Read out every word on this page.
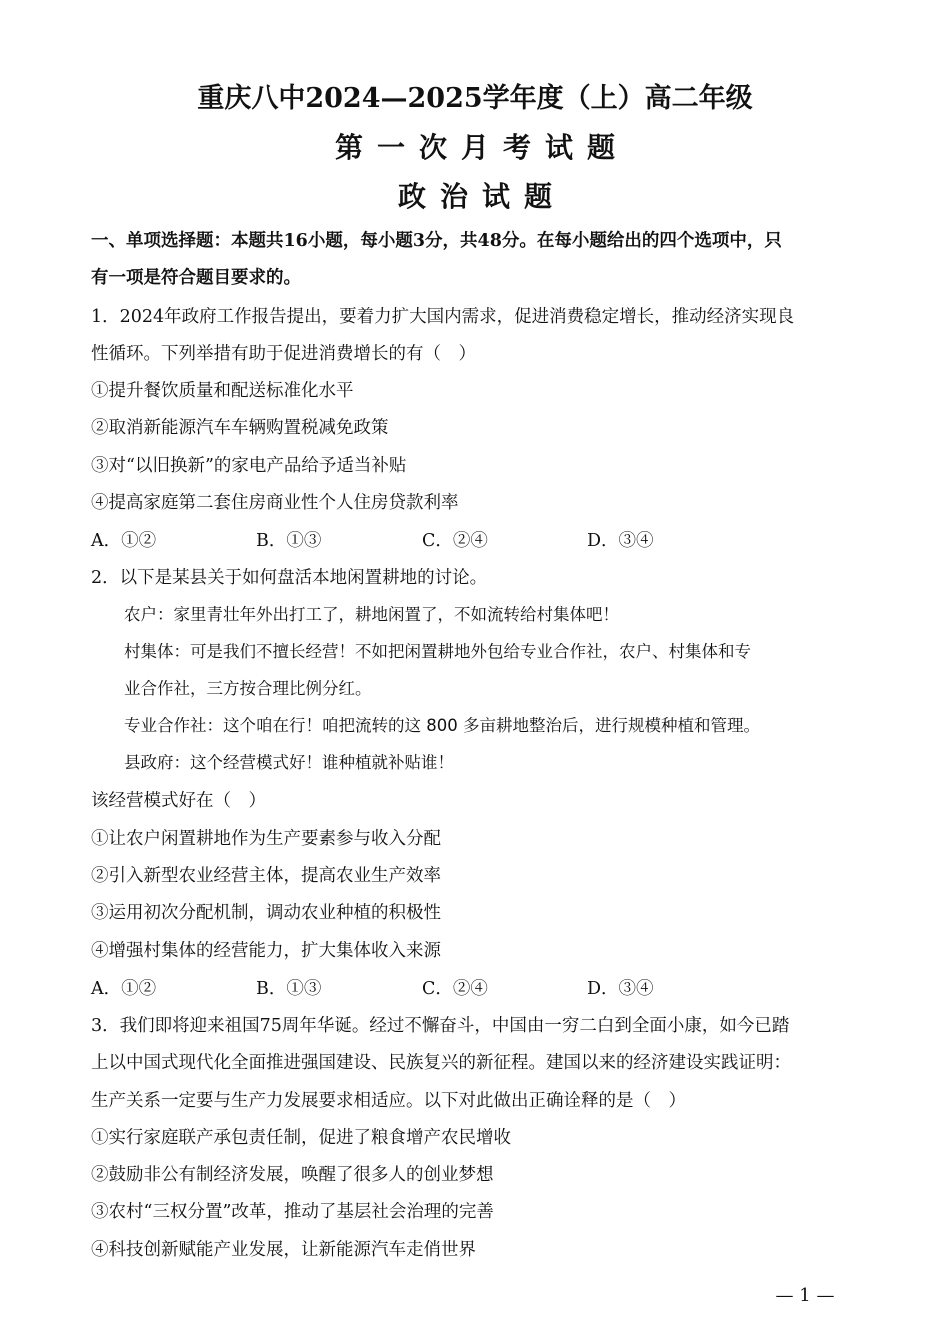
重庆八中2024—2025学年度（上）高二年级
第一次月考试题
政治试题
一、单项选择题：本题共16小题，每小题3分，共48分。在每小题给出的四个选项中，只
有一项是符合题目要求的。
1．2024年政府工作报告提出，要着力扩大国内需求，促进消费稳定增长，推动经济实现良
性循环。下列举措有助于促进消费增长的有（　）
①提升餐饮质量和配送标准化水平
②取消新能源汽车车辆购置税减免政策
③对“以旧换新”的家电产品给予适当补贴
④提高家庭第二套住房商业性个人住房贷款利率
A．①②	B．①③	C．②④	D．③④
2．以下是某县关于如何盘活本地闲置耕地的讨论。
农户：家里青壮年外出打工了，耕地闲置了，不如流转给村集体吧！
村集体：可是我们不擅长经营！不如把闲置耕地外包给专业合作社，农户、村集体和专
业合作社，三方按合理比例分红。
专业合作社：这个咱在行！咱把流转的这 800 多亩耕地整治后，进行规模种植和管理。
县政府：这个经营模式好！谁种植就补贴谁！
该经营模式好在（　）
①让农户闲置耕地作为生产要素参与收入分配
②引入新型农业经营主体，提高农业生产效率
③运用初次分配机制，调动农业种植的积极性
④增强村集体的经营能力，扩大集体收入来源
A．①②	B．①③	C．②④	D．③④
3．我们即将迎来祖国75周年华诞。经过不懈奋斗，中国由一穷二白到全面小康，如今已踏
上以中国式现代化全面推进强国建设、民族复兴的新征程。建国以来的经济建设实践证明：
生产关系一定要与生产力发展要求相适应。以下对此做出正确诠释的是（　）
①实行家庭联产承包责任制，促进了粮食增产农民增收
②鼓励非公有制经济发展，唤醒了很多人的创业梦想
③农村“三权分置”改革，推动了基层社会治理的完善
④科技创新赋能产业发展，让新能源汽车走俏世界
— 1 —
